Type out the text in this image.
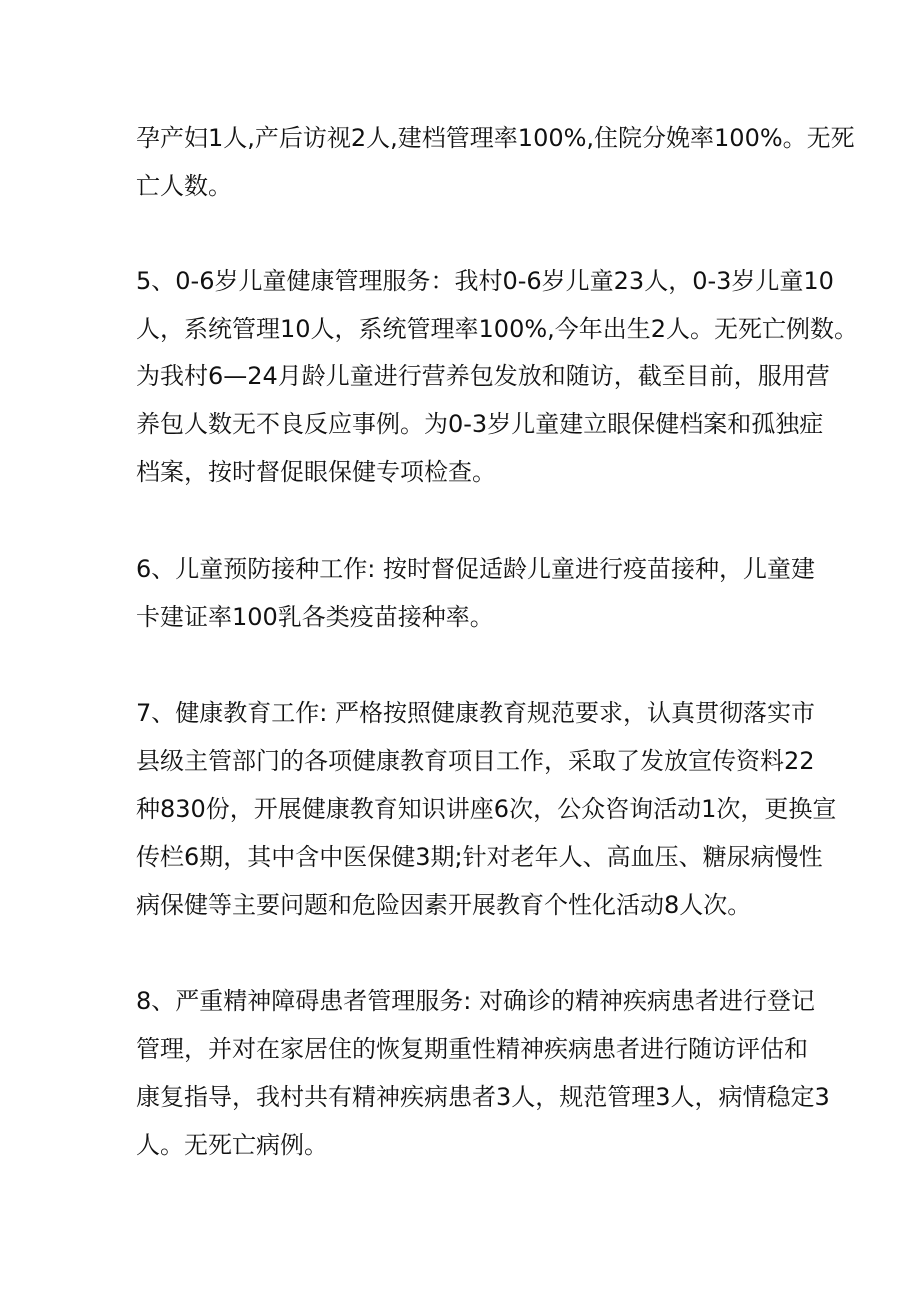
孕产妇1人,产后访视2人,建档管理率100%,住院分娩率100%。无死
亡人数。
5、0-6岁儿童健康管理服务：我村0-6岁儿童23人，0-3岁儿童10
人，系统管理10人，系统管理率100%,今年出生2人。无死亡例数。
为我村6—24月龄儿童进行营养包发放和随访，截至目前，服用营
养包人数无不良反应事例。为0-3岁儿童建立眼保健档案和孤独症
档案，按时督促眼保健专项检查。
6、儿童预防接种工作: 按时督促适龄儿童进行疫苗接种，儿童建
卡建证率100乳各类疫苗接种率。
7、健康教育工作: 严格按照健康教育规范要求，认真贯彻落实市
县级主管部门的各项健康教育项目工作，采取了发放宣传资料22
种830份，开展健康教育知识讲座6次，公众咨询活动1次，更换宣
传栏6期，其中含中医保健3期;针对老年人、高血压、糖尿病慢性
病保健等主要问题和危险因素开展教育个性化活动8人次。
8、严重精神障碍患者管理服务: 对确诊的精神疾病患者进行登记
管理，并对在家居住的恢复期重性精神疾病患者进行随访评估和
康复指导，我村共有精神疾病患者3人，规范管理3人，病情稳定3
人。无死亡病例。
